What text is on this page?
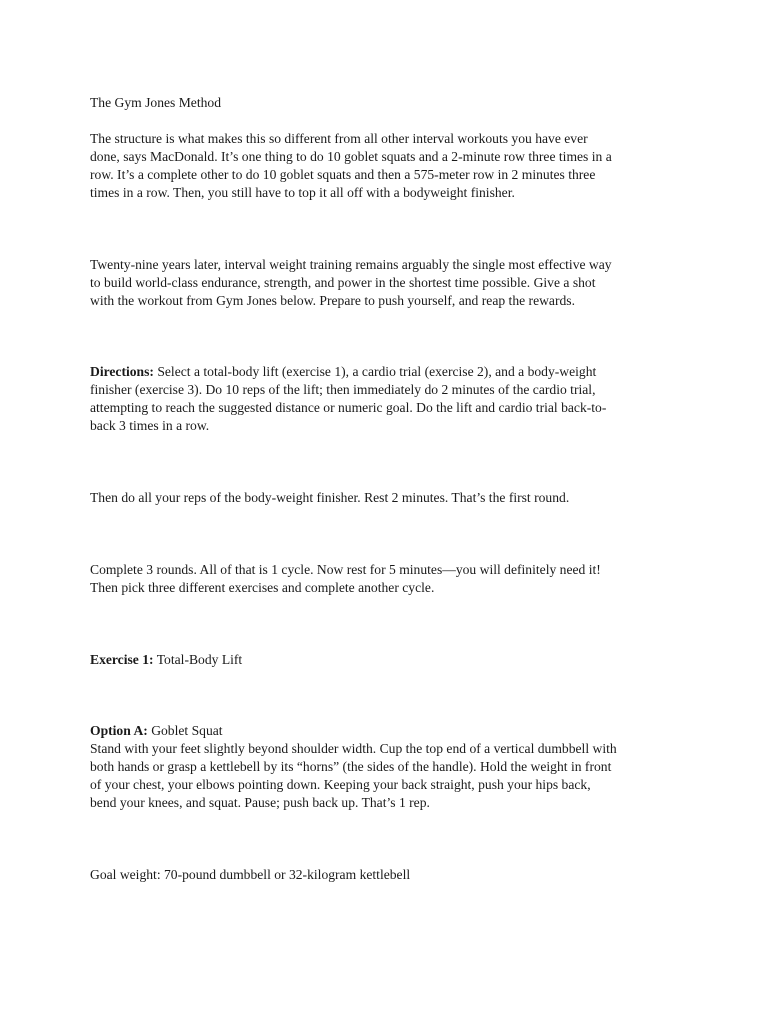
The Gym Jones Method

The structure is what makes this so different from all other interval workouts you have ever
done, says MacDonald. It’s one thing to do 10 goblet squats and a 2-minute row three times in a
row. It’s a complete other to do 10 goblet squats and then a 575-meter row in 2 minutes three
times in a row. Then, you still have to top it all off with a bodyweight finisher.

Twenty-nine years later, interval weight training remains arguably the single most effective way
to build world-class endurance, strength, and power in the shortest time possible. Give a shot
with the workout from Gym Jones below. Prepare to push yourself, and reap the rewards.

Directions: Select a total-body lift (exercise 1), a cardio trial (exercise 2), and a body-weight
finisher (exercise 3). Do 10 reps of the lift; then immediately do 2 minutes of the cardio trial,
attempting to reach the suggested distance or numeric goal. Do the lift and cardio trial back-to-
back 3 times in a row.

Then do all your reps of the body-weight finisher. Rest 2 minutes. That’s the first round.

Complete 3 rounds. All of that is 1 cycle. Now rest for 5 minutes—you will definitely need it!
Then pick three different exercises and complete another cycle.

Exercise 1: Total-Body Lift

Option A: Goblet Squat
Stand with your feet slightly beyond shoulder width. Cup the top end of a vertical dumbbell with
both hands or grasp a kettlebell by its “horns” (the sides of the handle). Hold the weight in front
of your chest, your elbows pointing down. Keeping your back straight, push your hips back,
bend your knees, and squat. Pause; push back up. That’s 1 rep.

Goal weight: 70-pound dumbbell or 32-kilogram kettlebell
